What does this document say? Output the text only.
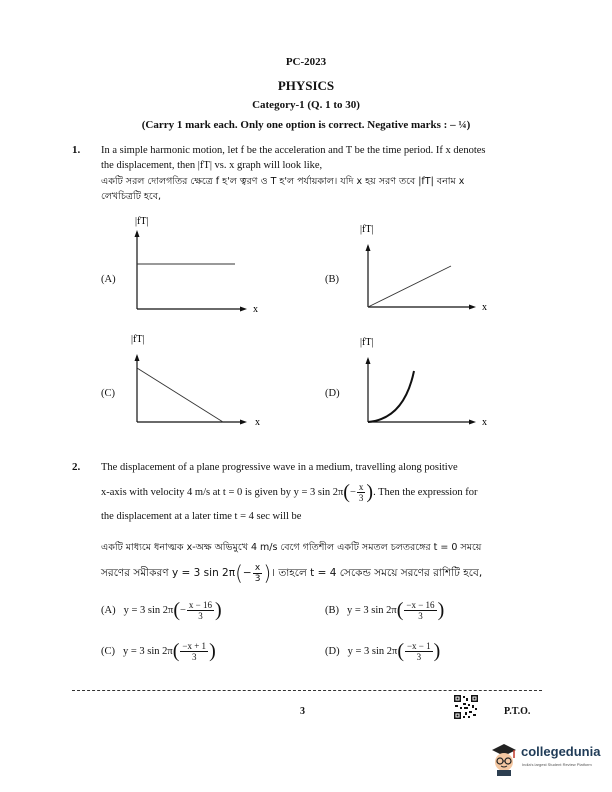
PC-2023
PHYSICS
Category-1 (Q. 1 to 30)
(Carry 1 mark each. Only one option is correct. Negative marks : – ¼)
1. In a simple harmonic motion, let f be the acceleration and T be the time period. If x denotes
the displacement, then |fT| vs. x graph will look like,
একটি সরল দোলগতির ক্ষেত্রে f হ'ল ত্বরণ ও T হ'ল পর্যায়কাল। যদি x হয় সরণ তবে |fT| বনাম x
লেখচিত্রটি হবে,
(A)	(B)
(C)	(D)
|fT|
x
|fT|
x
|fT|
x
|fT|
x
2. The displacement of a plane progressive wave in a medium, travelling along positive
x-axis with velocity 4 m/s at t = 0 is given by y = 3 sin 2π ( − $\frac{x}{3}$ ) . Then the expression for
the displacement at a later time t = 4 sec will be
একটি মাধ্যমে ধনাত্মক x-অক্ষ অভিমুখে 4 m/s বেগে গতিশীল একটি সমতল চলতরঙ্গের t = 0 সময়ে
সরণের সমীকরণ y = 3 sin 2π ( − $\frac{x}{3}$ ) । তাহলে t = 4 সেকেন্ড সময়ে সরণের রাশিটি হবে,
(A) y = 3 sin 2π ( − $\frac{x - 16}{3}$ )	(B) y = 3 sin 2π ( $\frac{-x - 16}{3}$ )
(C) y = 3 sin 2π ( $\frac{-x + 1}{3}$ )	(D) y = 3 sin 2π ( $\frac{-x - 1}{3}$ )
3	P.T.O.
collegedunia
India's largest Student Review Platform
